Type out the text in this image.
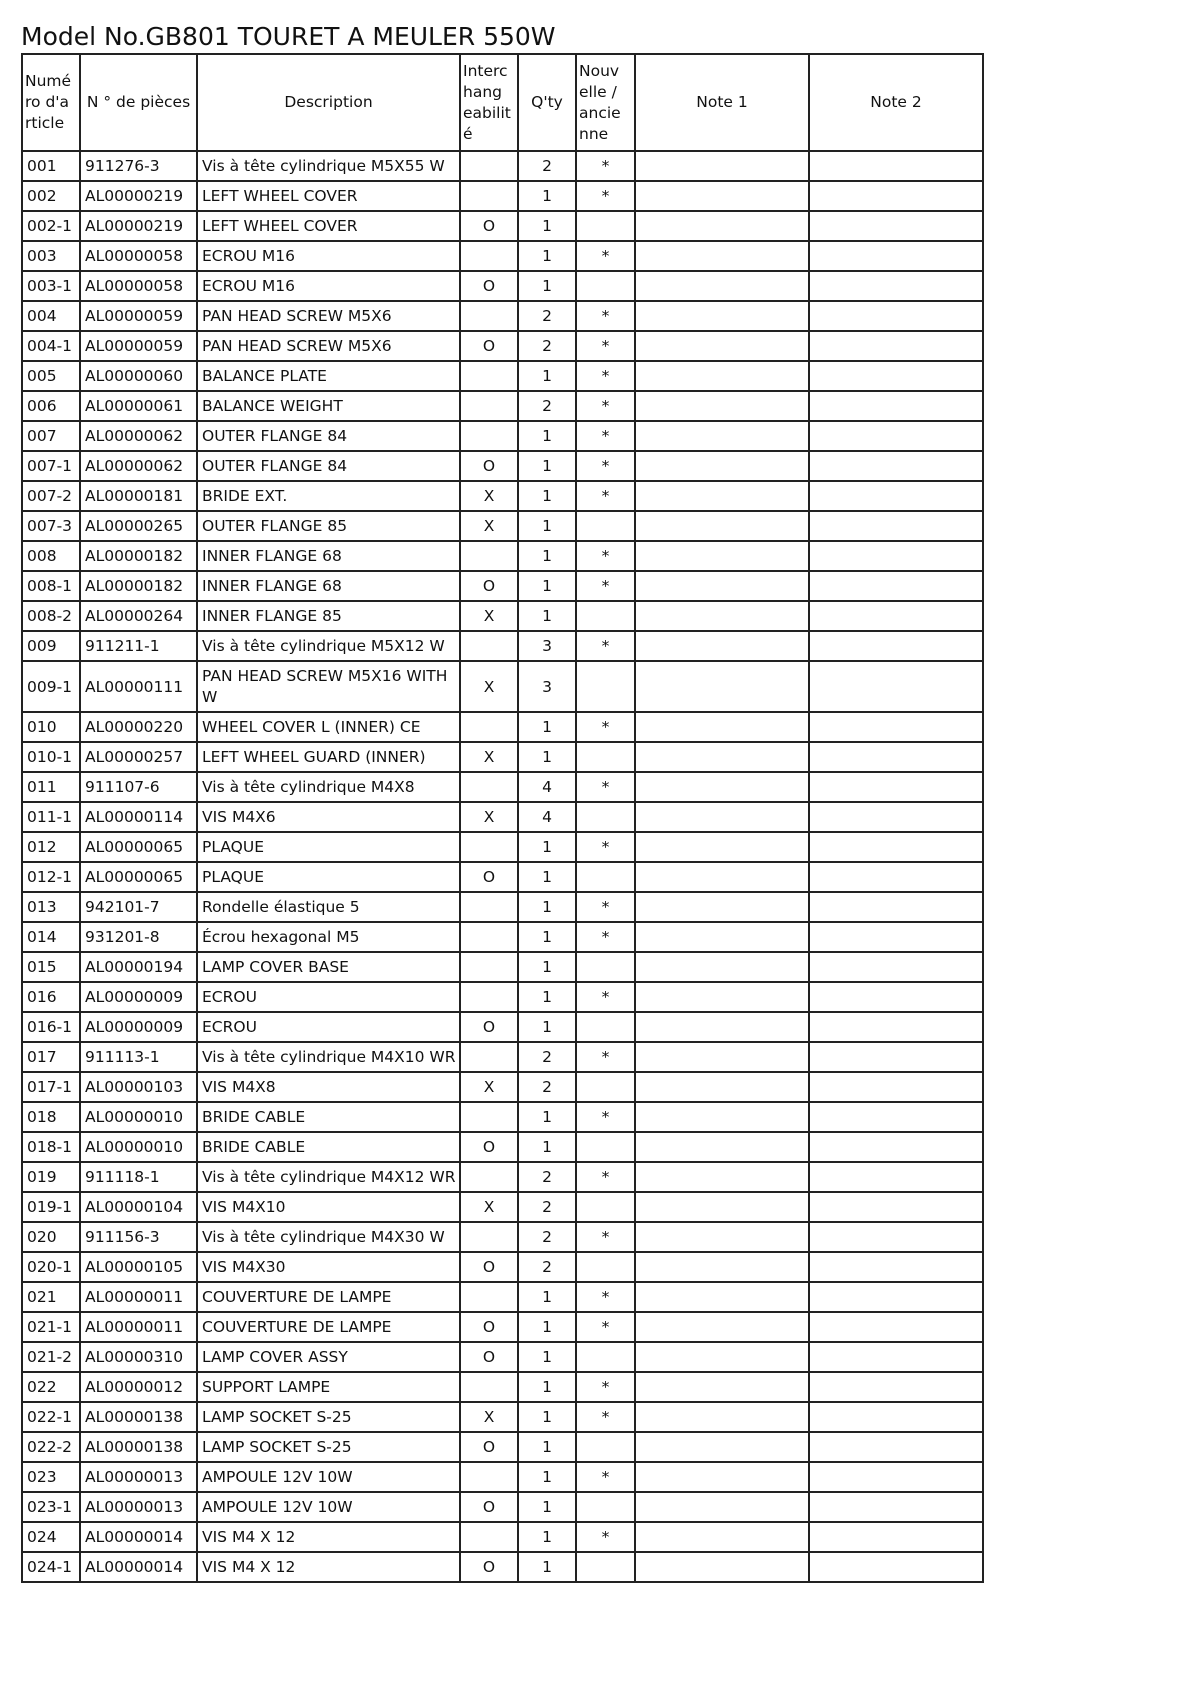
Model No.GB801 TOURET A MEULER 550W
Numé ro d'a rticle	N ° de pièces	Description	Interc hang eabilit é	Q'ty	Nouv elle / ancie nne	Note 1	Note 2
001	911276-3	Vis à tête cylindrique M5X55 W		2	*		
002	AL00000219	LEFT WHEEL COVER		1	*		
002-1	AL00000219	LEFT WHEEL COVER	O	1			
003	AL00000058	ECROU M16		1	*		
003-1	AL00000058	ECROU M16	O	1			
004	AL00000059	PAN HEAD SCREW M5X6		2	*		
004-1	AL00000059	PAN HEAD SCREW M5X6	O	2	*		
005	AL00000060	BALANCE PLATE		1	*		
006	AL00000061	BALANCE WEIGHT		2	*		
007	AL00000062	OUTER FLANGE 84		1	*		
007-1	AL00000062	OUTER FLANGE 84	O	1	*		
007-2	AL00000181	BRIDE EXT.	X	1	*		
007-3	AL00000265	OUTER FLANGE 85	X	1			
008	AL00000182	INNER FLANGE 68		1	*		
008-1	AL00000182	INNER FLANGE 68	O	1	*		
008-2	AL00000264	INNER FLANGE 85	X	1			
009	911211-1	Vis à tête cylindrique M5X12 W		3	*		
009-1	AL00000111	PAN HEAD SCREW M5X16 WITH W	X	3			
010	AL00000220	WHEEL COVER L (INNER) CE		1	*		
010-1	AL00000257	LEFT WHEEL GUARD (INNER)	X	1			
011	911107-6	Vis à tête cylindrique M4X8		4	*		
011-1	AL00000114	VIS M4X6	X	4			
012	AL00000065	PLAQUE		1	*		
012-1	AL00000065	PLAQUE	O	1			
013	942101-7	Rondelle élastique 5		1	*		
014	931201-8	Écrou hexagonal M5		1	*		
015	AL00000194	LAMP COVER BASE		1			
016	AL00000009	ECROU		1	*		
016-1	AL00000009	ECROU	O	1			
017	911113-1	Vis à tête cylindrique M4X10 WR		2	*		
017-1	AL00000103	VIS M4X8	X	2			
018	AL00000010	BRIDE CABLE		1	*		
018-1	AL00000010	BRIDE CABLE	O	1			
019	911118-1	Vis à tête cylindrique M4X12 WR		2	*		
019-1	AL00000104	VIS M4X10	X	2			
020	911156-3	Vis à tête cylindrique M4X30 W		2	*		
020-1	AL00000105	VIS M4X30	O	2			
021	AL00000011	COUVERTURE DE LAMPE		1	*		
021-1	AL00000011	COUVERTURE DE LAMPE	O	1	*		
021-2	AL00000310	LAMP COVER ASSY	O	1			
022	AL00000012	SUPPORT LAMPE		1	*		
022-1	AL00000138	LAMP SOCKET S-25	X	1	*		
022-2	AL00000138	LAMP SOCKET S-25	O	1			
023	AL00000013	AMPOULE 12V 10W		1	*		
023-1	AL00000013	AMPOULE 12V 10W	O	1			
024	AL00000014	VIS M4 X 12		1	*		
024-1	AL00000014	VIS M4 X 12	O	1			
